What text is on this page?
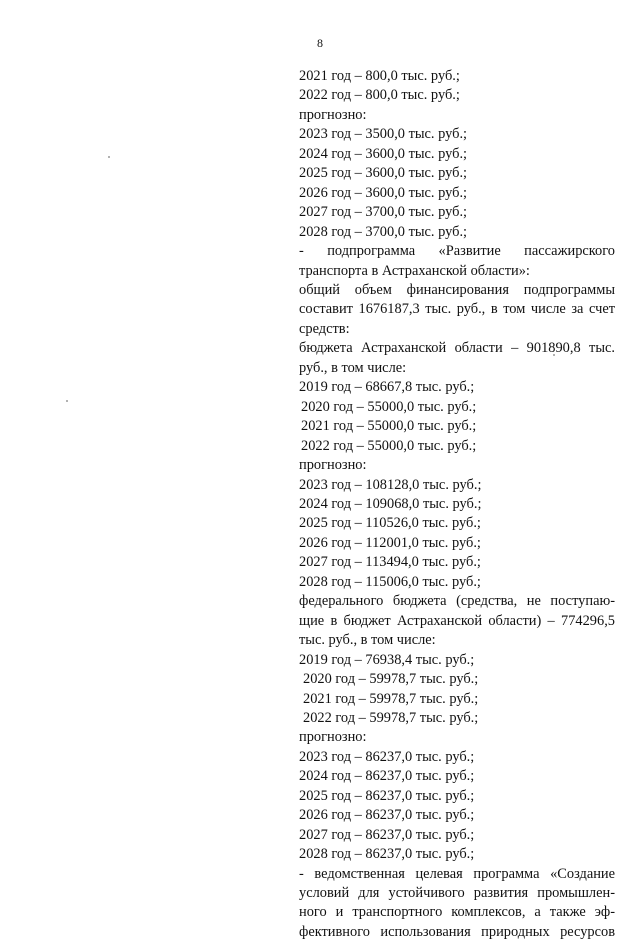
8
2021 год – 800,0 тыс. руб.;
2022 год – 800,0 тыс. руб.;
прогнозно:
2023 год – 3500,0 тыс. руб.;
2024 год – 3600,0 тыс. руб.;
2025 год – 3600,0 тыс. руб.;
2026 год – 3600,0 тыс. руб.;
2027 год – 3700,0 тыс. руб.;
2028 год – 3700,0 тыс. руб.;
- подпрограмма «Развитие пассажирского
транспорта в Астраханской области»:
общий объем финансирования подпрограммы
составит 1676187,3 тыс. руб., в том числе за счет
средств:
бюджета Астраханской области – 901890,8 тыс.
руб., в том числе:
2019 год – 68667,8 тыс. руб.;
2020 год – 55000,0 тыс. руб.;
2021 год – 55000,0 тыс. руб.;
2022 год – 55000,0 тыс. руб.;
прогнозно:
2023 год – 108128,0 тыс. руб.;
2024 год – 109068,0 тыс. руб.;
2025 год – 110526,0 тыс. руб.;
2026 год – 112001,0 тыс. руб.;
2027 год – 113494,0 тыс. руб.;
2028 год – 115006,0 тыс. руб.;
федерального бюджета (средства, не поступаю-
щие в бюджет Астраханской области) – 774296,5
тыс. руб., в том числе:
2019 год – 76938,4 тыс. руб.;
2020 год – 59978,7 тыс. руб.;
2021 год – 59978,7 тыс. руб.;
2022 год – 59978,7 тыс. руб.;
прогнозно:
2023 год – 86237,0 тыс. руб.;
2024 год – 86237,0 тыс. руб.;
2025 год – 86237,0 тыс. руб.;
2026 год – 86237,0 тыс. руб.;
2027 год – 86237,0 тыс. руб.;
2028 год – 86237,0 тыс. руб.;
- ведомственная целевая программа «Создание
условий для устойчивого развития промышлен-
ного и транспортного комплексов, а также эф-
фективного использования природных ресурсов
